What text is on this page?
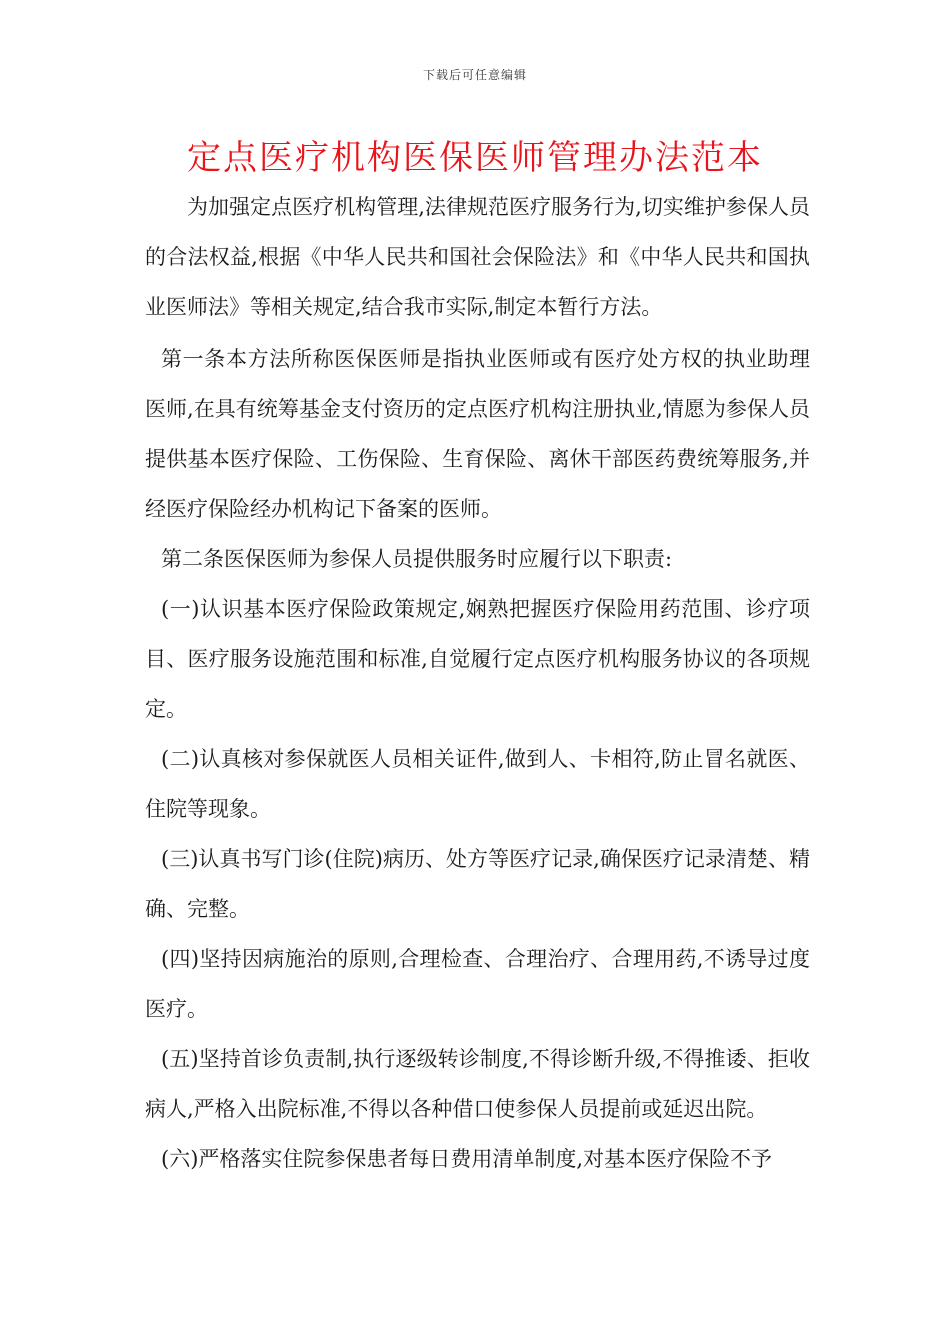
下载后可任意编辑
定点医疗机构医保医师管理办法范本

为加强定点医疗机构管理,法律规范医疗服务行为,切实维护参保人员的合法权益,根据《中华人民共和国社会保险法》和《中华人民共和国执业医师法》等相关规定,结合我市实际,制定本暂行方法。

第一条本方法所称医保医师是指执业医师或有医疗处方权的执业助理医师,在具有统筹基金支付资历的定点医疗机构注册执业,情愿为参保人员提供基本医疗保险、工伤保险、生育保险、离休干部医药费统筹服务,并经医疗保险经办机构记下备案的医师。

第二条医保医师为参保人员提供服务时应履行以下职责:

(一)认识基本医疗保险政策规定,娴熟把握医疗保险用药范围、诊疗项目、医疗服务设施范围和标准,自觉履行定点医疗机构服务协议的各项规定。

(二)认真核对参保就医人员相关证件,做到人、卡相符,防止冒名就医、住院等现象。

(三)认真书写门诊(住院)病历、处方等医疗记录,确保医疗记录清楚、精确、完整。

(四)坚持因病施治的原则,合理检查、合理治疗、合理用药,不诱导过度医疗。

(五)坚持首诊负责制,执行逐级转诊制度,不得诊断升级,不得推诿、拒收病人,严格入出院标准,不得以各种借口使参保人员提前或延迟出院。

(六)严格落实住院参保患者每日费用清单制度,对基本医疗保险不予
